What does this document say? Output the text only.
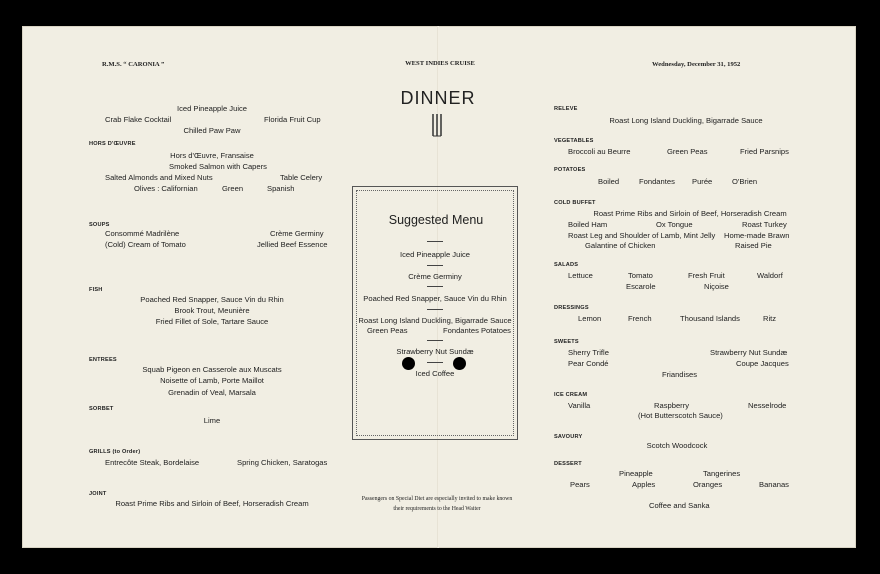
R.M.S. “ CARONIA ”	WEST INDIES CRUISE	Wednesday, December 31, 1952
DINNER
Iced Pineapple Juice
Crab Flake Cocktail	Florida Fruit Cup
Chilled Paw Paw
HORS D'ŒUVRE
Hors d'Œuvre, Fransaise
Smoked Salmon with Capers
Salted Almonds and Mixed Nuts	Table Celery
Olives : Californian	Green	Spanish
SOUPS
Consommé Madrilène	Crème Germiny
(Cold) Cream of Tomato	Jellied Beef Essence
FISH
Poached Red Snapper, Sauce Vin du Rhin
Brook Trout, Meunière
Fried Fillet of Sole, Tartare Sauce
ENTREES
Squab Pigeon en Casserole aux Muscats
Noisette of Lamb, Porte Maillot
Grenadin of Veal, Marsala
SORBET
Lime
GRILLS (to Order)
Entrecôte Steak, Bordelaise	Spring Chicken, Saratogas
JOINT
Roast Prime Ribs and Sirloin of Beef, Horseradish Cream
Suggested Menu
Iced Pineapple Juice
Crème Germiny
Poached Red Snapper, Sauce Vin du Rhin
Roast Long Island Duckling, Bigarrade Sauce
Green Peas	Fondantes Potatoes
Strawberry Nut Sundæ
Iced Coffee
Passengers on Special Diet are especially invited to make known
their requirements to the Head Waiter
RELEVE
Roast Long Island Duckling, Bigarrade Sauce
VEGETABLES
Broccoli au Beurre	Green Peas	Fried Parsnips
POTATOES
Boiled	Fondantes Purée	O'Brien
COLD BUFFET
Roast Prime Ribs and Sirloin of Beef, Horseradish Cream
Boiled Ham	Ox Tongue	Roast Turkey
Roast Leg and Shoulder of Lamb, Mint Jelly Home-made Brawn
Galantine of Chicken	Raised Pie
SALADS
Lettuce	Tomato	Fresh Fruit	Waldorf
Escarole	Niçoise
DRESSINGS
Lemon	French	Thousand Islands	Ritz
SWEETS
Sherry Trifle	Strawberry Nut Sundæ
Pear Condé	Coupe Jacques
Friandises
ICE CREAM
Vanilla	Raspberry	Nesselrode
(Hot Butterscotch Sauce)
SAVOURY
Scotch Woodcock
DESSERT
Pineapple	Tangerines
Pears	Apples	Oranges	Bananas
Coffee and Sanka
